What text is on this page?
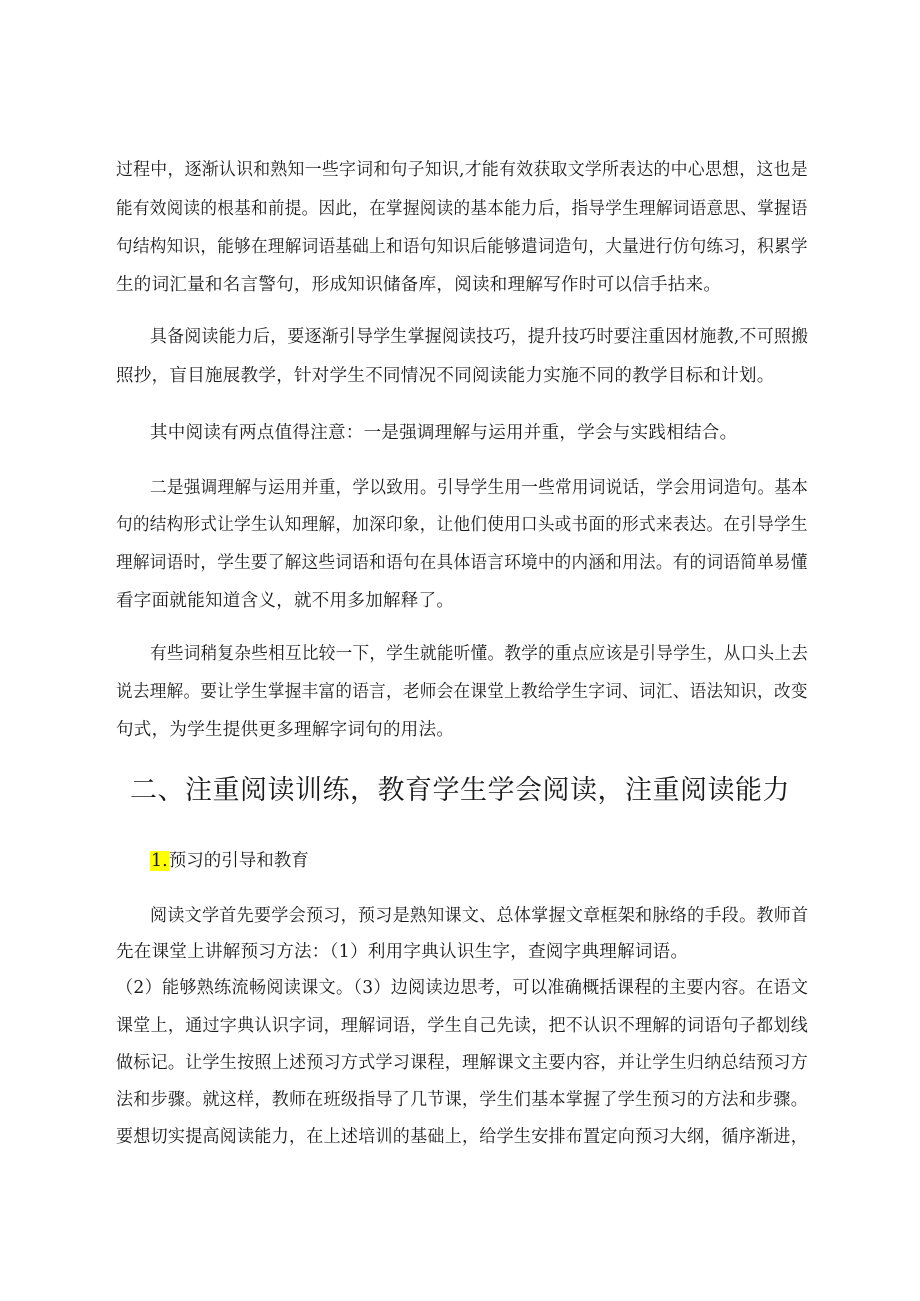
过程中，逐渐认识和熟知一些字词和句子知识,才能有效获取文学所表达的中心思想，这也是
能有效阅读的根基和前提。因此，在掌握阅读的基本能力后，指导学生理解词语意思、掌握语
句结构知识，能够在理解词语基础上和语句知识后能够遣词造句，大量进行仿句练习，积累学
生的词汇量和名言警句，形成知识储备库，阅读和理解写作时可以信手拈来。
具备阅读能力后，要逐渐引导学生掌握阅读技巧，提升技巧时要注重因材施教,不可照搬
照抄，盲目施展教学，针对学生不同情况不同阅读能力实施不同的教学目标和计划。
其中阅读有两点值得注意：一是强调理解与运用并重，学会与实践相结合。
二是强调理解与运用并重，学以致用。引导学生用一些常用词说话，学会用词造句。基本
句的结构形式让学生认知理解，加深印象，让他们使用口头或书面的形式来表达。在引导学生
理解词语时，学生要了解这些词语和语句在具体语言环境中的内涵和用法。有的词语简单易懂
看字面就能知道含义，就不用多加解释了。
有些词稍复杂些相互比较一下，学生就能听懂。教学的重点应该是引导学生，从口头上去
说去理解。要让学生掌握丰富的语言，老师会在课堂上教给学生字词、词汇、语法知识，改变
句式，为学生提供更多理解字词句的用法。
二、注重阅读训练，教育学生学会阅读，注重阅读能力
1.预习的引导和教育
阅读文学首先要学会预习，预习是熟知课文、总体掌握文章框架和脉络的手段。教师首
先在课堂上讲解预习方法：（1）利用字典认识生字，查阅字典理解词语。
（2）能够熟练流畅阅读课文。（3）边阅读边思考，可以准确概括课程的主要内容。在语文
课堂上，通过字典认识字词，理解词语，学生自己先读，把不认识不理解的词语句子都划线
做标记。让学生按照上述预习方式学习课程，理解课文主要内容，并让学生归纳总结预习方
法和步骤。就这样，教师在班级指导了几节课，学生们基本掌握了学生预习的方法和步骤。
要想切实提高阅读能力，在上述培训的基础上，给学生安排布置定向预习大纲，循序渐进，
